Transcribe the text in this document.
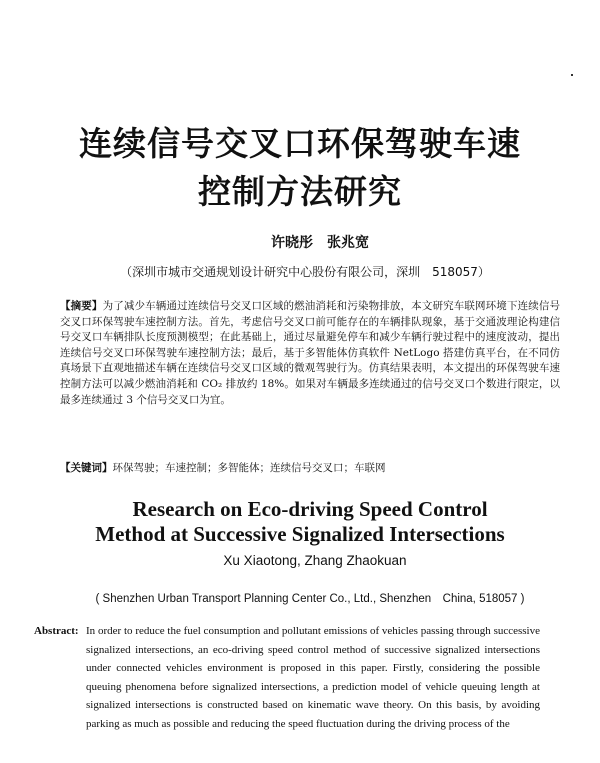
连续信号交叉口环保驾驶车速
控制方法研究
许晓彤　张兆宽
（深圳市城市交通规划设计研究中心股份有限公司，深圳　518057）
【摘要】为了减少车辆通过连续信号交叉口区域的燃油消耗和污染物排放，本文研究车联网环境下连续信号交叉口环保驾驶车速控制方法。首先，考虑信号交叉口前可能存在的车辆排队现象，基于交通波理论构建信号交叉口车辆排队长度预测模型；在此基础上，通过尽量避免停车和减少车辆行驶过程中的速度波动，提出连续信号交叉口环保驾驶车速控制方法；最后，基于多智能体仿真软件 NetLogo 搭建仿真平台，在不同仿真场景下直观地描述车辆在连续信号交叉口区域的微观驾驶行为。仿真结果表明，本文提出的环保驾驶车速控制方法可以减少燃油消耗和 CO₂ 排放约 18%。如果对车辆最多连续通过的信号交叉口个数进行限定，以最多连续通过 3 个信号交叉口为宜。
【关键词】环保驾驶；车速控制；多智能体；连续信号交叉口；车联网
Research on Eco-driving Speed Control
Method at Successive Signalized Intersections
Xu Xiaotong, Zhang Zhaokuan
( Shenzhen Urban Transport Planning Center Co., Ltd., Shenzhen　China, 518057 )
Abstract: In order to reduce the fuel consumption and pollutant emissions of vehicles passing through successive signalized intersections, an eco-driving speed control method of successive signalized intersections under connected vehicles environment is proposed in this paper. Firstly, considering the possible queuing phenomena before signalized intersections, a prediction model of vehicle queuing length at signalized intersections is constructed based on kinematic wave theory. On this basis, by avoiding parking as much as possible and reducing the speed fluctuation during the driving process of the
